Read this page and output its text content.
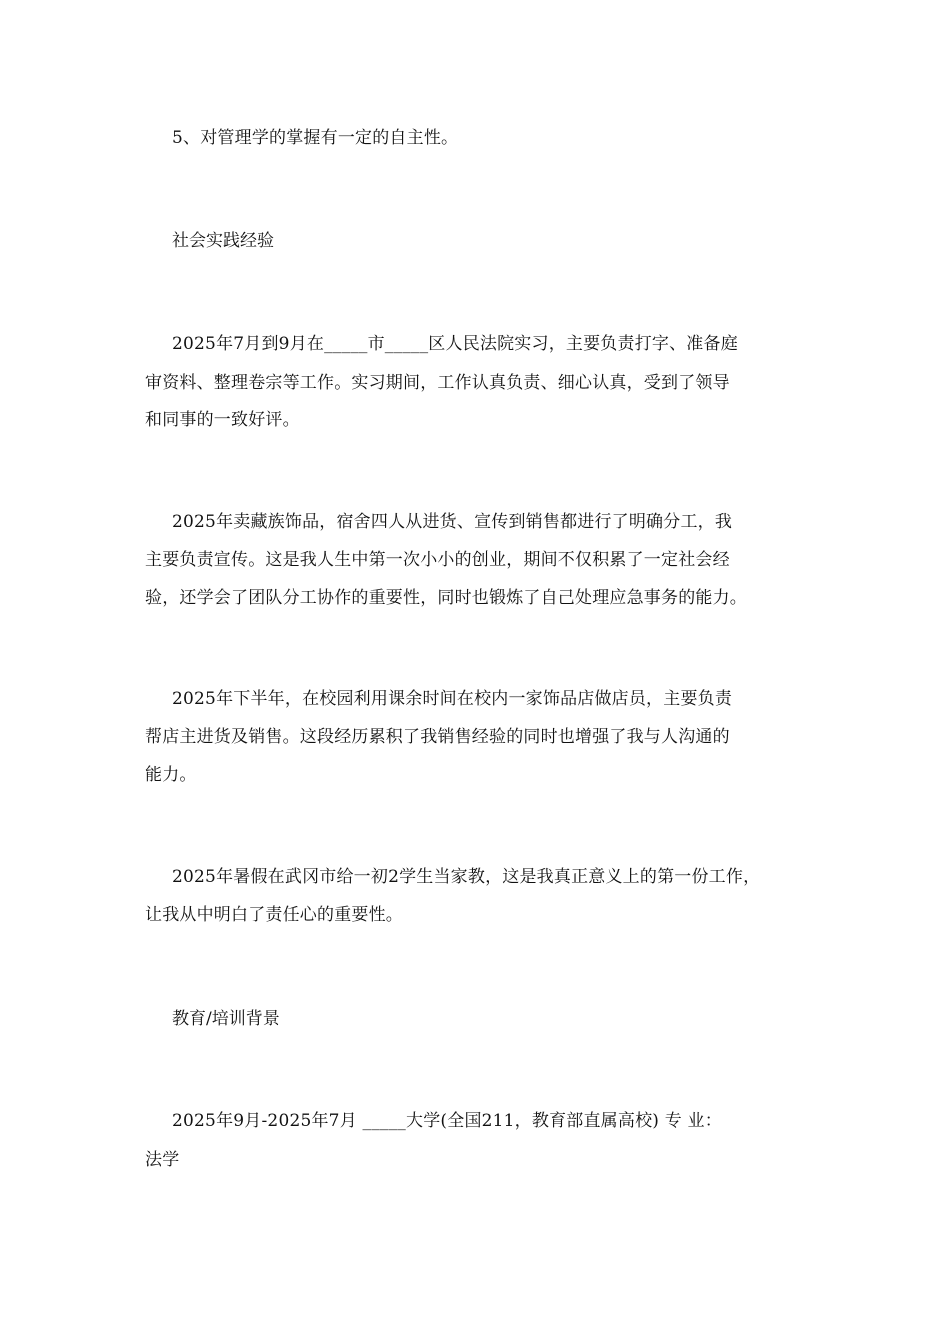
5、对管理学的掌握有一定的自主性。
社会实践经验
2025年7月到9月在_____市_____区人民法院实习，主要负责打字、准备庭
审资料、整理卷宗等工作。实习期间，工作认真负责、细心认真，受到了领导
和同事的一致好评。
2025年卖藏族饰品，宿舍四人从进货、宣传到销售都进行了明确分工，我
主要负责宣传。这是我人生中第一次小小的创业，期间不仅积累了一定社会经
验，还学会了团队分工协作的重要性，同时也锻炼了自己处理应急事务的能力。
2025年下半年，在校园利用课余时间在校内一家饰品店做店员，主要负责
帮店主进货及销售。这段经历累积了我销售经验的同时也增强了我与人沟通的
能力。
2025年暑假在武冈市给一初2学生当家教，这是我真正意义上的第一份工作，
让我从中明白了责任心的重要性。
教育/培训背景
2025年9月-2025年7月 _____大学(全国211，教育部直属高校) 专 业：
法学
